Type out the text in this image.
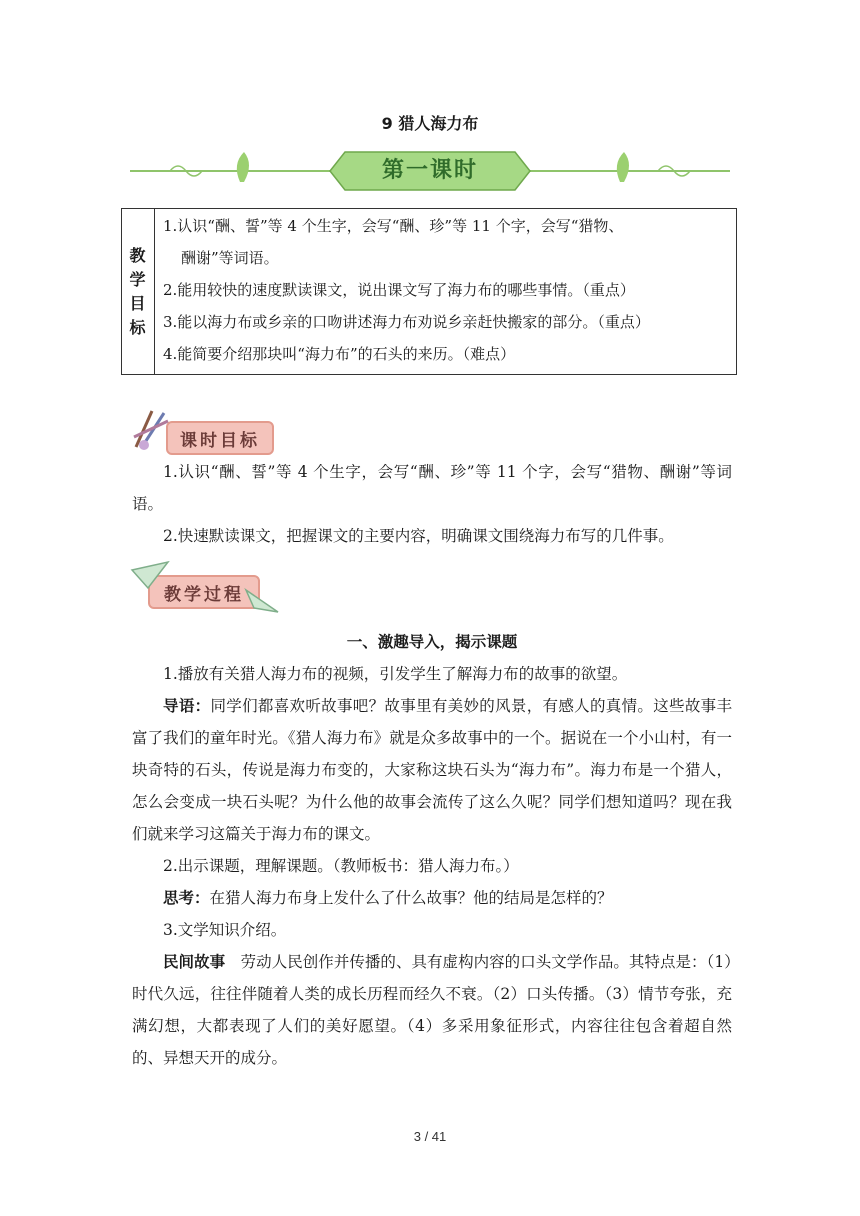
9 猎人海力布
第一课时
教
学
目
标
1.认识“酬、誓”等 4 个生字，会写“酬、珍”等 11 个字，会写“猎物、
酬谢”等词语。
2.能用较快的速度默读课文，说出课文写了海力布的哪些事情。（重点）
3.能以海力布或乡亲的口吻讲述海力布劝说乡亲赶快搬家的部分。（重点）
4.能简要介绍那块叫“海力布”的石头的来历。（难点）
课时目标
1.认识“酬、誓”等 4 个生字，会写“酬、珍”等 11 个字，会写“猎物、酬谢”等词语。
2.快速默读课文，把握课文的主要内容，明确课文围绕海力布写的几件事。
教学过程
一、激趣导入，揭示课题
1.播放有关猎人海力布的视频，引发学生了解海力布的故事的欲望。
导语：同学们都喜欢听故事吧？故事里有美妙的风景，有感人的真情。这些故事丰富了我们的童年时光。《猎人海力布》就是众多故事中的一个。据说在一个小山村，有一块奇特的石头，传说是海力布变的，大家称这块石头为“海力布”。海力布是一个猎人，怎么会变成一块石头呢？为什么他的故事会流传了这么久呢？同学们想知道吗？现在我们就来学习这篇关于海力布的课文。
2.出示课题，理解课题。（教师板书：猎人海力布。）
思考：在猎人海力布身上发什么了什么故事？他的结局是怎样的？
3.文学知识介绍。
民间故事　 劳动人民创作并传播的、具有虚构内容的口头文学作品。其特点是：（1）时代久远，往往伴随着人类的成长历程而经久不衰。（2）口头传播。（3）情节夸张，充满幻想，大都表现了人们的美好愿望。（4）多采用象征形式，内容往往包含着超自然的、异想天开的成分。
3 / 41
